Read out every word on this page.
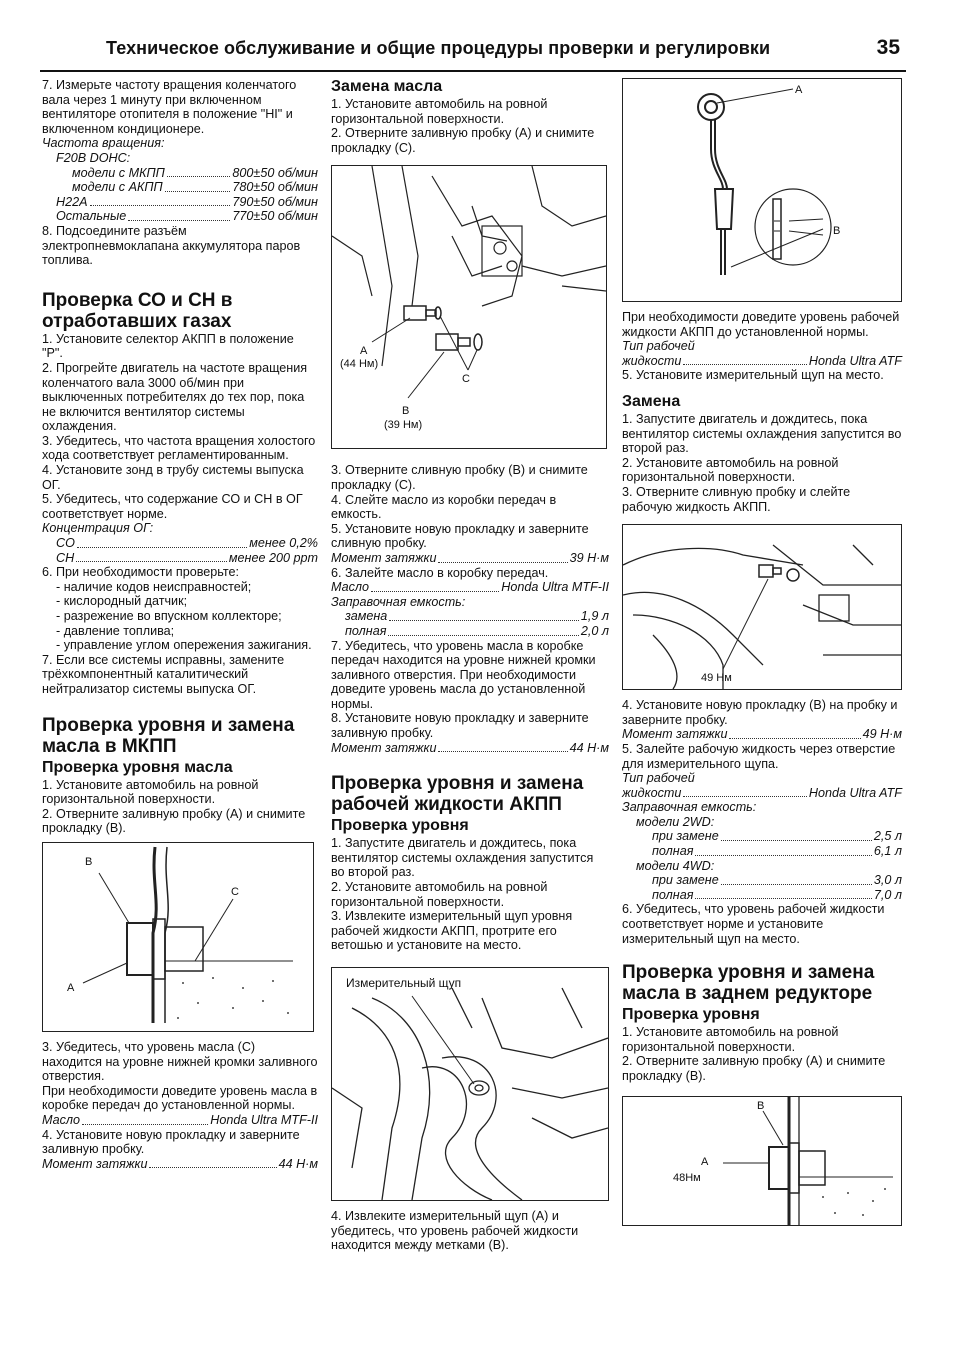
Техническое обслуживание и общие процедуры проверки и регулировки	35

7. Измерьте частоту вращения коленчатого вала через 1 минуту при включенном вентиляторе отопителя в положение "HI" и включенном кондиционере.

Частота вращения:

F20B DOHC:

модели с МКПП	800±50 об/мин
модели с АКПП	780±50 об/мин
H22A	790±50 об/мин
Остальные	770±50 об/мин

8. Подсоедините разъём электропневмоклапана аккумулятора паров топлива.

Проверка СО и СН в отработавших газах

1. Установите селектор АКПП в положение "P".

2. Прогрейте двигатель на частоте вращения коленчатого вала 3000 об/мин при выключенных потребителях до тех пор, пока не включится вентилятор системы охлаждения.

3. Убедитесь, что частота вращения холостого хода соответствует регламентированным.

4. Установите зонд в трубу системы выпуска ОГ.

5. Убедитесь, что содержание СО и СН в ОГ соответствует норме.

Концентрация ОГ:

CO	менее 0,2%
CH	менее 200 ppm

6. При необходимости проверьте:

- наличие кодов неисправностей;

- кислородный датчик;

- разрежение во впускном коллекторе;

- давление топлива;

- управление углом опережения зажигания.

7. Если все системы исправны, замените трёхкомпонентный каталитический нейтрализатор системы выпуска ОГ.

Проверка уровня и замена масла в МКПП
Проверка уровня масла

1. Установите автомобиль на ровной горизонтальной поверхности.

2. Отверните заливную пробку (А) и снимите прокладку (В).

B
C
A

3. Убедитесь, что уровень масла (С) находится на уровне нижней кромки заливного отверстия.

При необходимости доведите уровень масла в коробке передач до установленной нормы.

Масло	Honda Ultra MTF-II

4. Установите новую прокладку и заверните заливную пробку.

Момент затяжки	44 Н·м
Замена масла

1. Установите автомобиль на ровной горизонтальной поверхности.

2. Отверните заливную пробку (А) и снимите прокладку (С).

A
(44 Нм)
C
B
(39 Нм)

3. Отверните сливную пробку (В) и снимите прокладку (С).

4. Слейте масло из коробки передач в емкость.

5. Установите новую прокладку и заверните сливную пробку.

Момент затяжки	39 Н·м

6. Залейте масло в коробку передач.

Масло	Honda Ultra MTF-II

Заправочная емкость:

замена	1,9 л
полная	2,0 л

7. Убедитесь, что уровень масла в коробке передач находится на уровне нижней кромки заливного отверстия. При необходимости доведите уровень масла до установленной нормы.

8. Установите новую прокладку и заверните заливную пробку.

Момент затяжки	44 Н·м
Проверка уровня и замена рабочей жидкости АКПП
Проверка уровня

1. Запустите двигатель и дождитесь, пока вентилятор системы охлаждения запустится во второй раз.

2. Установите автомобиль на ровной горизонтальной поверхности.

3. Извлеките измерительный щуп уровня рабочей жидкости АКПП, протрите его ветошью и установите на место.

Измерительный щуп

4. Извлеките измерительный щуп (А) и убедитесь, что уровень рабочей жидкости находится между метками (В).

A
B

При необходимости доведите уровень рабочей жидкости АКПП до установленной нормы.

Тип рабочей

жидкости	Honda Ultra ATF

5. Установите измерительный щуп на место.

Замена

1. Запустите двигатель и дождитесь, пока вентилятор системы охлаждения запустится во второй раз.

2. Установите автомобиль на ровной горизонтальной поверхности.

3. Отверните сливную пробку и слейте рабочую жидкость АКПП.

49 Нм

4. Установите новую прокладку (В) на пробку и заверните пробку.

Момент затяжки	49 Н·м

5. Залейте рабочую жидкость через отверстие для измерительного щупа.

Тип рабочей

жидкости	Honda Ultra ATF

Заправочная емкость:

модели 2WD:

при замене	2,5 л
полная	6,1 л

модели 4WD:

при замене	3,0 л
полная	7,0 л

6. Убедитесь, что уровень рабочей жидкости соответствует норме и установите измерительный щуп на место.

Проверка уровня и замена масла в заднем редукторе
Проверка уровня

1. Установите автомобиль на ровной горизонтальной поверхности.

2. Отверните заливную пробку (А) и снимите прокладку (В).

B
A
48Нм
